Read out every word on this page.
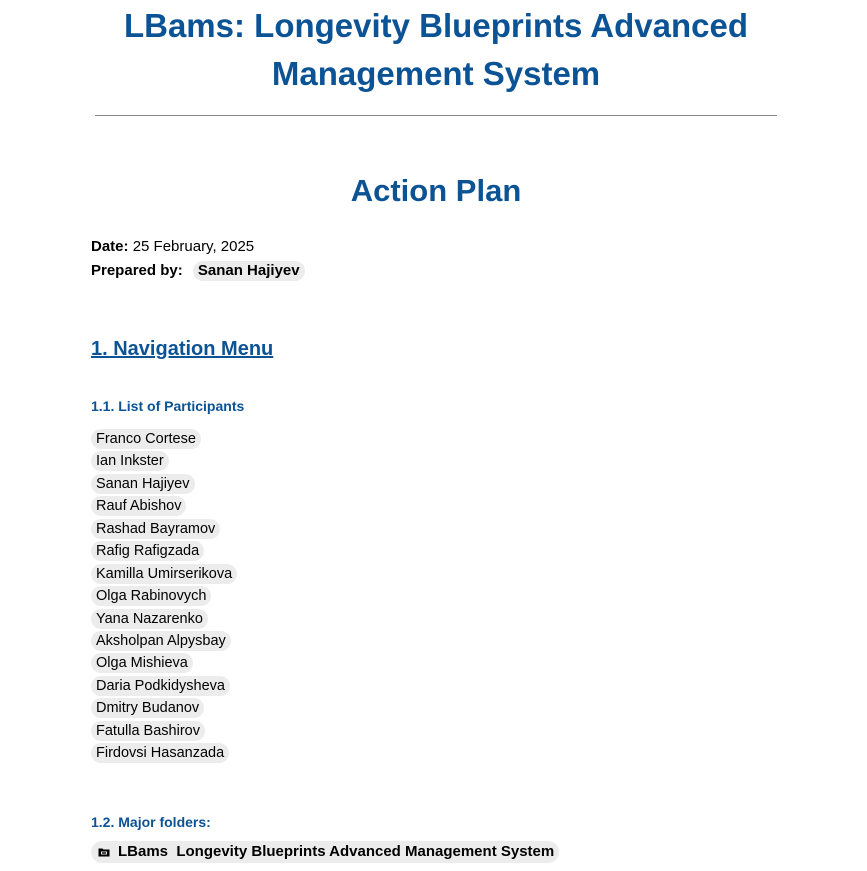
LBams: Longevity Blueprints Advanced Management System
Action Plan
Date: 25 February, 2025
Prepared by: Sanan Hajiyev
1. Navigation Menu
1.1. List of Participants
Franco Cortese
Ian Inkster
Sanan Hajiyev
Rauf Abishov
Rashad Bayramov
Rafig Rafigzada
Kamilla Umirserikova
Olga Rabinovych
Yana Nazarenko
Aksholpan Alpysbay
Olga Mishieva
Daria Podkidysheva
Dmitry Budanov
Fatulla Bashirov
Firdovsi Hasanzada
1.2. Major folders:
LBams  Longevity Blueprints Advanced Management System
